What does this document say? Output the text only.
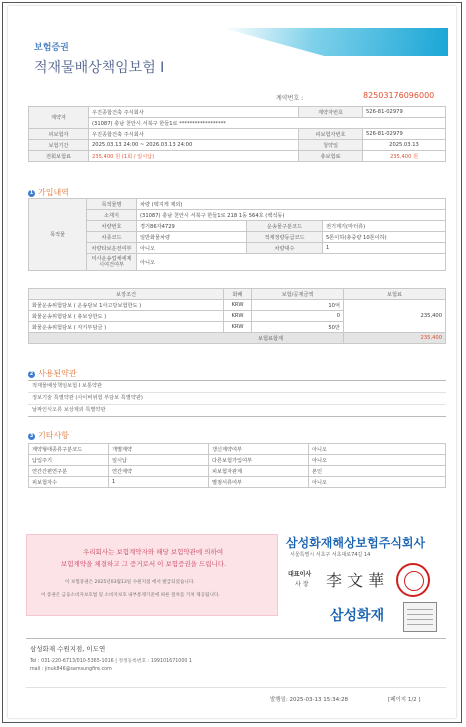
보험증권
적재물배상책임보험 I
계약번호 :	82503176096000
계약자	우진종합건축 주식회사	계약자번호	526-81-02979
	(31087) 충남 천안시 서북구 한들1로 ******************		
피보험자	우진종합건축 주식회사	피보험자번호	526-81-02979
보험기간	2025.03.13 24:00 ~ 2026.03.13 24:00	청약일	2025.03.13
전회보험료	235,400 원 (1회 / 일시납)	총보험료	235,400 원
1 가입내역
목적물	목적물명	차량 (택지게 제외)		
	소재지	(31087) 충남 천안시 서북구 한들1로 218 1동 564호 (백석동)		
	차량번호	경기86자4729	운송물구분코드	전기계기(마터류)
	차종코드	일반화물차량	적재정량등급코드	5톤이하(총중량 10톤이하)
	차량타보운전여부	아니오	차량대수	1
	미사운송업체에제시여건여부	아니오		
보장조건	화폐	보험/공제금액	보험료
화물운송위험담보 ( 운송담보 1사고당보험한도 )	KRW	10억	235,400
화물운송위험담보 ( 총보상한도 )	KRW	0	
화물운송위험담보 ( 자기부담금 )	KRW	50만	
보험료합계			235,400
2 사용된약관
적재물배상책임보험 I 보통약관
정보기술 특별약관 (사이버위험 부담보 특별약관)
날짜인식오류 보상제외 특별약관
3 기타사항
계약형태종류구분코드	개별계약	갱신계약여부	아니오
납입주기	일시납	다른보험가입여부	아니오
연간간편연구분	연간계약	피보험자관계	본인
피보험자수	1	별점서류여부	아니오
우리회사는 보험계약자와 해당 보험약관에 의하여
보험계약을 체결하고 그 증거로서 이 보험증권을 드립니다.
이 보험증권은 2025년03월13일 수원지점 에서 발급되었습니다.
이 증권은 금융소비자보호법 및 소비자보호 내부통제기준에 따른 절차를 거쳐 제공됩니다.
삼성화재해상보험주식회사
서울특별시 서초구 서초대로74길 14
대표이사
사 장 李 文 華
삼성화재
삼성화재 수원지점, 이도연
Tel : 031-220-6713/010-5365-1016 | 정정등록번호 : 199101671000 1
mail : jinuk846@samsungfire.com
발행일: 2025-03-13 15:34:28	[페이지 1/2 ]
